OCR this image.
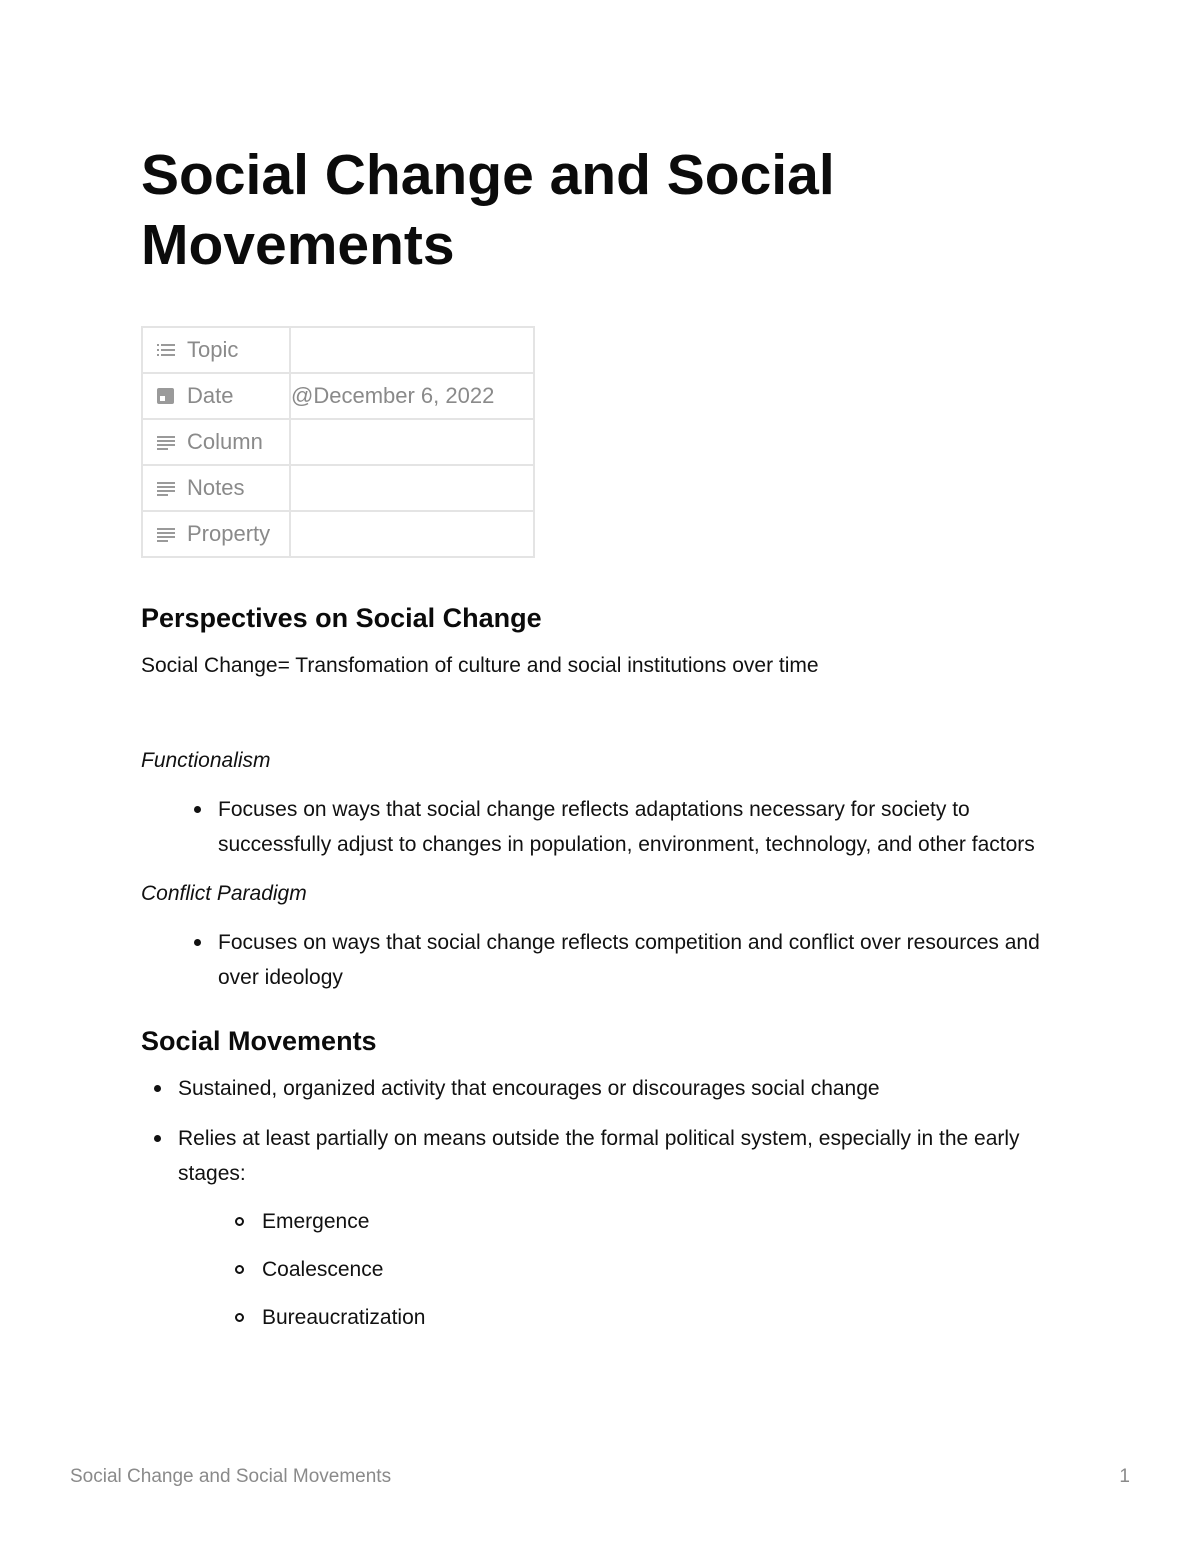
Social Change and Social Movements
Topic	

Date	@December 6, 2022

Column	

Notes	

Property	

Perspectives on Social Change

Social Change= Transfomation of culture and social institutions over time

Functionalism

Focuses on ways that social change reflects adaptations necessary for society to successfully adjust to changes in population, environment, technology, and other factors

Conflict Paradigm

Focuses on ways that social change reflects competition and conflict over resources and over ideology
Social Movements
Sustained, organized activity that encourages or discourages social change
Relies at least partially on means outside the formal political system, especially in the early stages:
Emergence
Coalescence
Bureaucratization
Social Change and Social Movements	1
